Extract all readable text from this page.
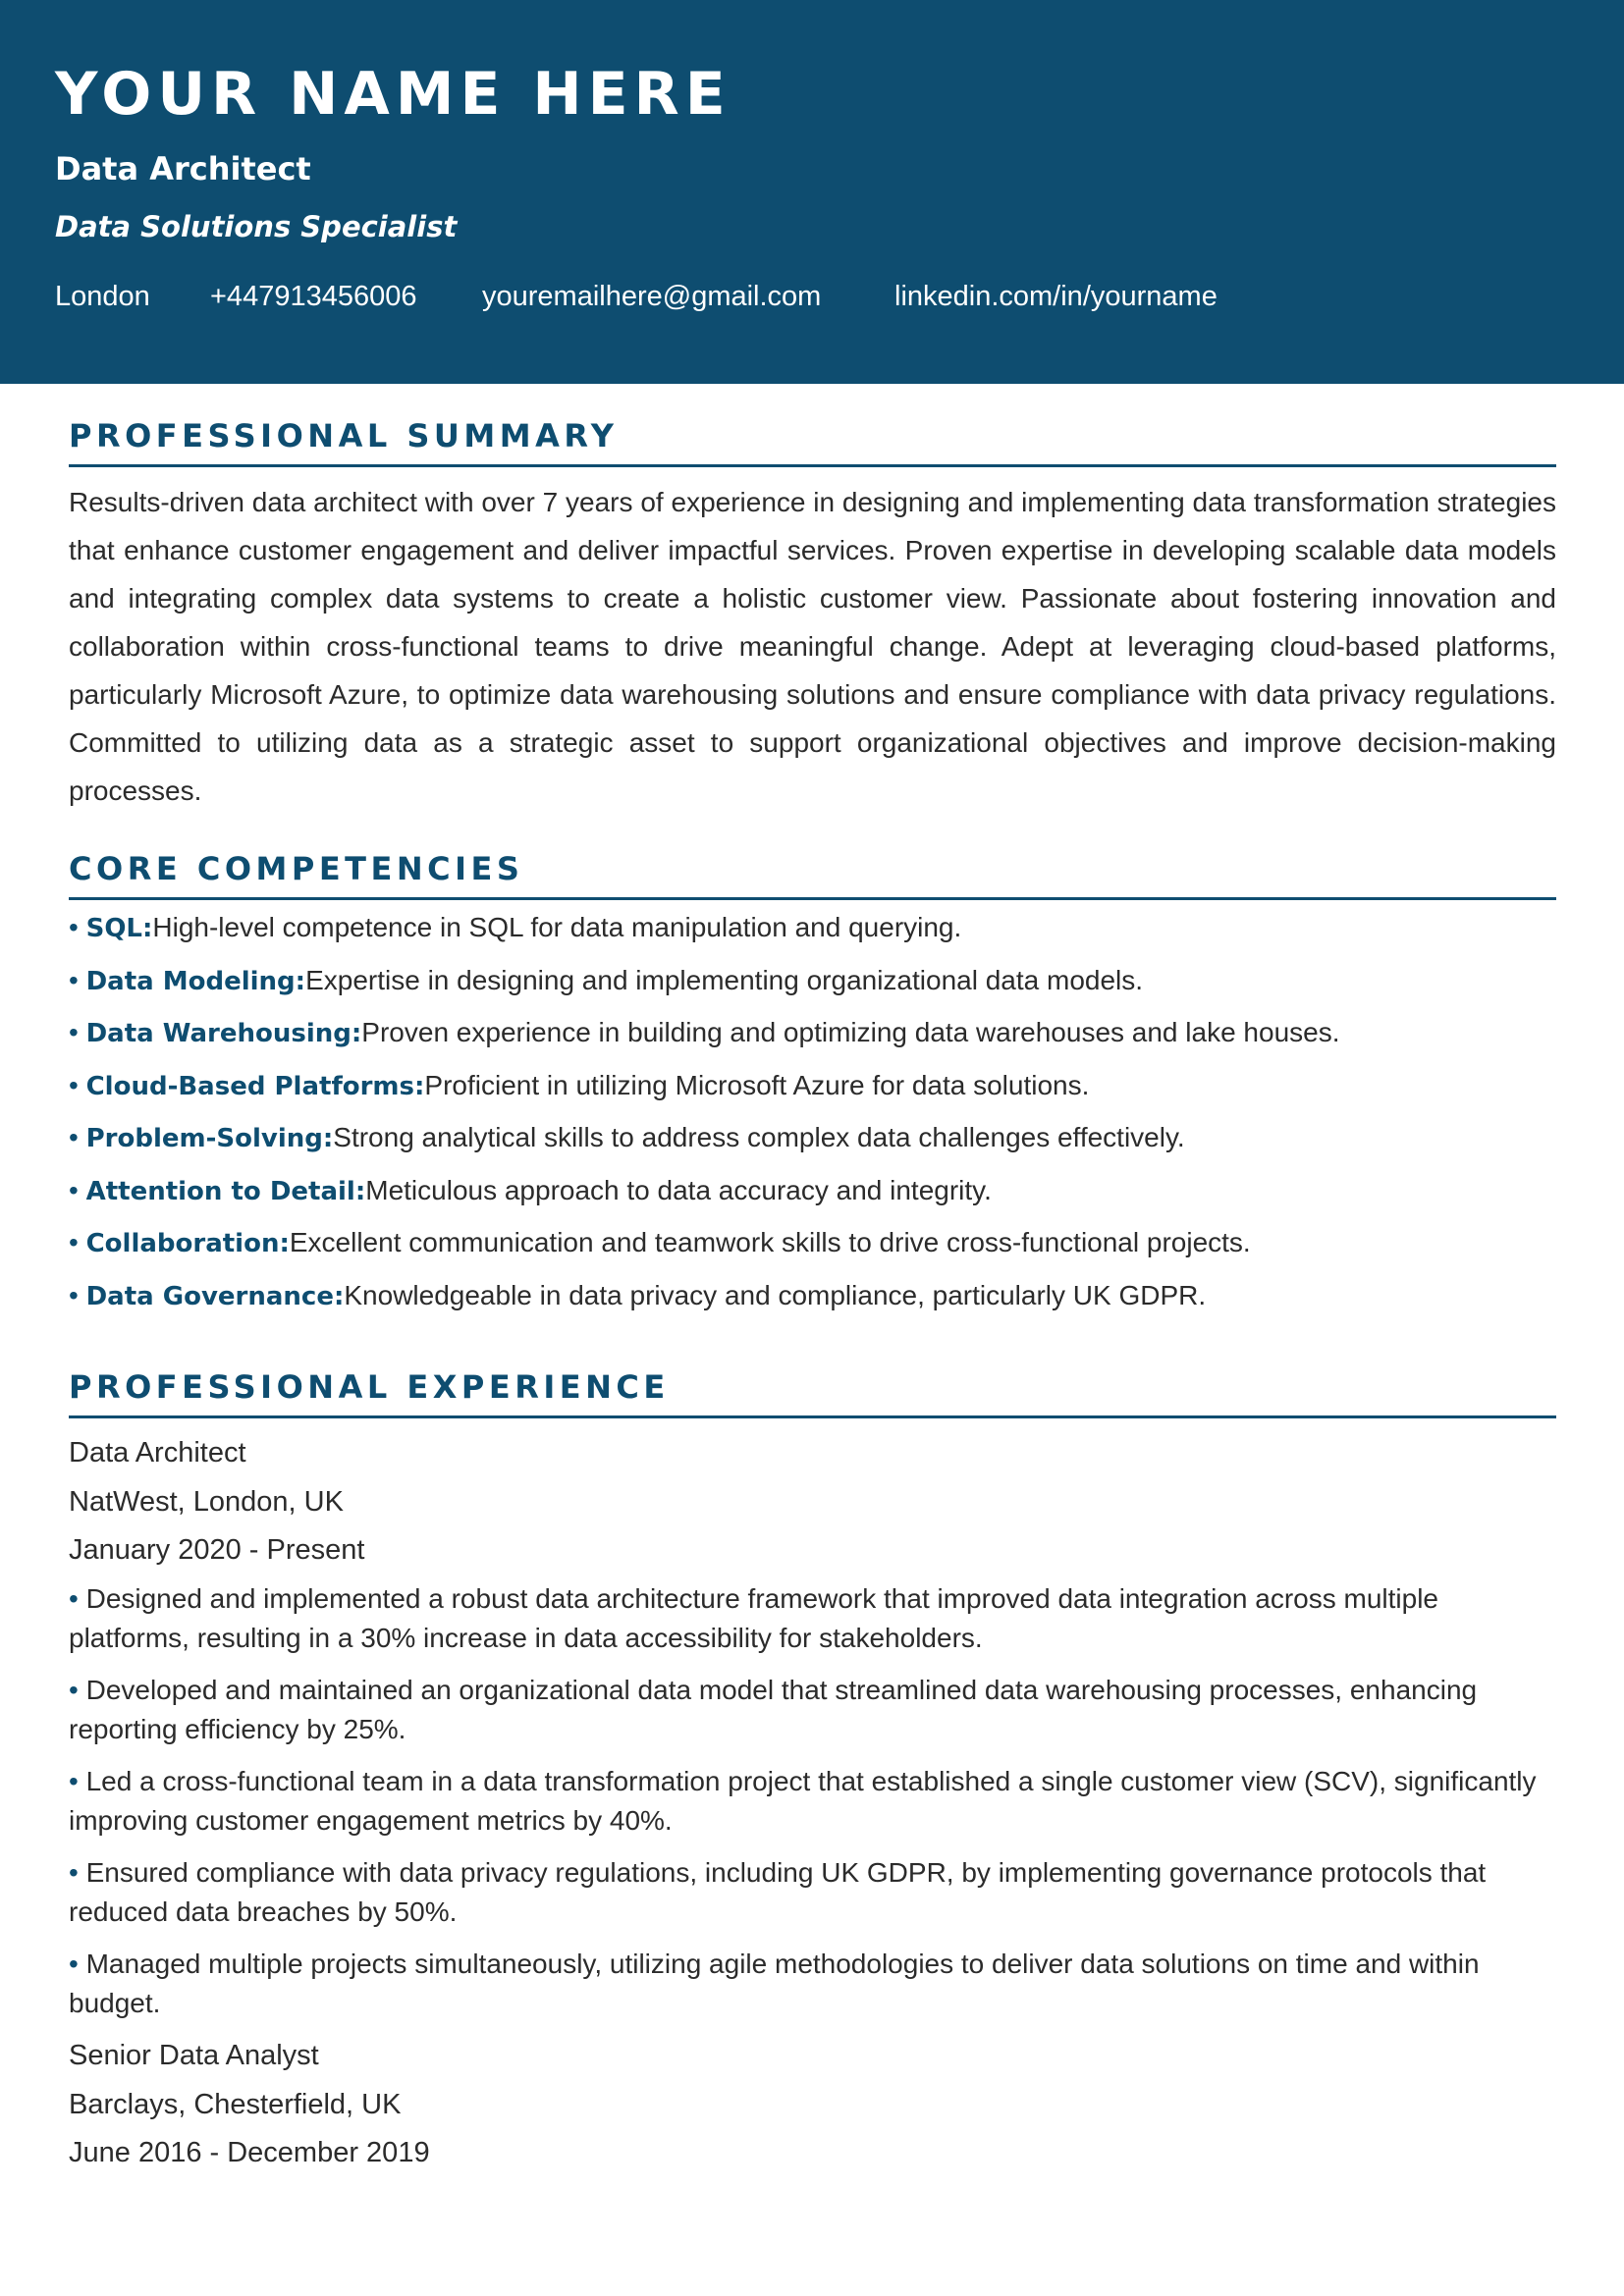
YOUR NAME HERE
Data Architect
Data Solutions Specialist
London +447913456006 youremailhere@gmail.com	linkedin.com/in/yourname
PROFESSIONAL SUMMARY

Results-driven data architect with over 7 years of experience in designing and implementing data transformation strategies that enhance customer engagement and deliver impactful services. Proven expertise in developing scalable data models and integrating complex data systems to create a holistic customer view. Passionate about fostering innovation and collaboration within cross-functional teams to drive meaningful change. Adept at leveraging cloud-based platforms, particularly Microsoft Azure, to optimize data warehousing solutions and ensure compliance with data privacy regulations. Committed to utilizing data as a strategic asset to support organizational objectives and improve decision-making processes.

CORE COMPETENCIES
• SQL:High-level competence in SQL for data manipulation and querying.
• Data Modeling:Expertise in designing and implementing organizational data models.
• Data Warehousing:Proven experience in building and optimizing data warehouses and lake houses.
• Cloud-Based Platforms:Proficient in utilizing Microsoft Azure for data solutions.
• Problem-Solving:Strong analytical skills to address complex data challenges effectively.
• Attention to Detail:Meticulous approach to data accuracy and integrity.
• Collaboration:Excellent communication and teamwork skills to drive cross-functional projects.
• Data Governance:Knowledgeable in data privacy and compliance, particularly UK GDPR.
PROFESSIONAL EXPERIENCE
Data Architect
NatWest, London, UK
January 2020 - Present
• Designed and implemented a robust data architecture framework that improved data integration across multiple platforms, resulting in a 30% increase in data accessibility for stakeholders.
• Developed and maintained an organizational data model that streamlined data warehousing processes, enhancing reporting efficiency by 25%.
• Led a cross-functional team in a data transformation project that established a single customer view (SCV), significantly improving customer engagement metrics by 40%.
• Ensured compliance with data privacy regulations, including UK GDPR, by implementing governance protocols that reduced data breaches by 50%.
• Managed multiple projects simultaneously, utilizing agile methodologies to deliver data solutions on time and within budget.
Senior Data Analyst
Barclays, Chesterfield, UK
June 2016 - December 2019
